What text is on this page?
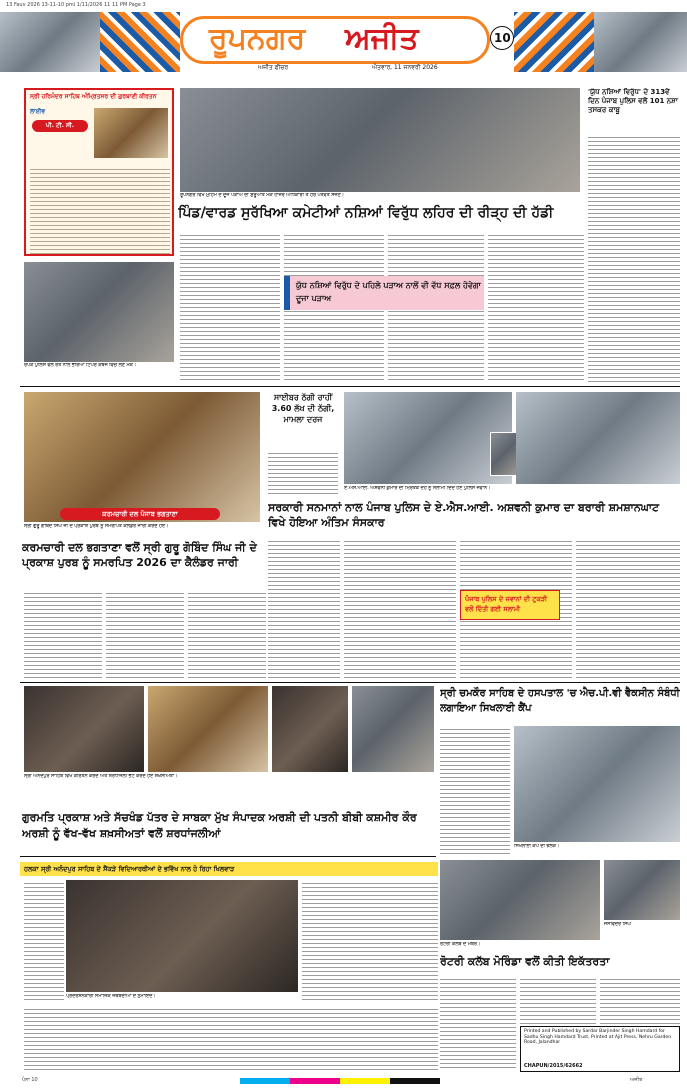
13 Fauv 2026 13-11-10 pmi 1/11/2026 11 11 PM Page 3
ਰੂਪਨਗਰ ਅਜੀਤ
ਅਜੀਤ ਫੀਚਰ	ਐਤਵਾਰ, 11 ਜਨਵਰੀ 2026
10
ਸ੍ਰੀ ਹਰਿਮੰਦਰ ਸਾਹਿਬ ਅੰਮ੍ਰਿਤਸਰ ਦੀ ਗੁਰਬਾਣੀ ਕੀਰਤਨ
ਲਾਈਵ
ਪੀ. ਟੀ. ਸੀ.
ਰੂਪਨਗਰ ਵਿਖੇ ਮੁਹਿੰਮ ਦੇ ਦੂਜੇ ਪੜਾਅ ਦੀ ਸ਼ੁਰੂਆਤ ਮੌਕੇ ਹਾਜ਼ਰ ਅਧਿਕਾਰੀ ਤੇ ਹੋਰ ਪਤਵੰਤੇ ਸੱਜਣ।
ਪਿੰਡ/ਵਾਰਡ ਸੁਰੱਖਿਆ ਕਮੇਟੀਆਂ ਨਸ਼ਿਆਂ ਵਿਰੁੱਧ ਲਹਿਰ ਦੀ ਰੀੜ੍ਹ ਦੀ ਹੱਡੀ
'ਯੁੱਧ ਨਸ਼ਿਆਂ ਵਿਰੁੱਧ' ਦੇ 313ਵੇਂ ਦਿਨ ਪੰਜਾਬ ਪੁਲਿਸ ਵਲੋਂ 101 ਨਸ਼ਾ ਤਸਕਰ ਕਾਬੂ
ਯੁੱਧ ਨਸ਼ਿਆਂ ਵਿਰੁੱਧ ਦੇ ਪਹਿਲੇ ਪੜਾਅ ਨਾਲੋਂ ਵੀ ਵੱਧ ਸਫ਼ਲ ਹੋਵੇਗਾ ਦੂਜਾ ਪੜਾਅ
ਰੋਪੜ ਪੁਲਿਸ ਵਲੋਂ ਰੇਤ ਨਾਲ ਭਰਿਆ ਟਿੱਪਰ ਕਬਜ਼ੇ ਵਿਚ ਲੈਣ ਮੌਕੇ।
ਕਰਮਚਾਰੀ ਦਲ ਪੰਜਾਬ ਭਗਤਾਣਾ
ਸ੍ਰੀ ਗੁਰੂ ਗੋਬਿੰਦ ਸਿੰਘ ਜੀ ਦੇ ਪ੍ਰਕਾਸ਼ ਪੁਰਬ ਨੂੰ ਸਮਰਪਿਤ ਕੈਲੰਡਰ ਜਾਰੀ ਕਰਦੇ ਹੋਏ।
ਕਰਮਚਾਰੀ ਦਲ ਭਗਤਾਣਾ ਵਲੋਂ ਸ੍ਰੀ ਗੁਰੂ ਗੋਬਿੰਦ ਸਿੰਘ ਜੀ ਦੇ ਪ੍ਰਕਾਸ਼ ਪੁਰਬ ਨੂੰ ਸਮਰਪਿਤ 2026 ਦਾ ਕੈਲੰਡਰ ਜਾਰੀ
ਸਾਈਬਰ ਠੱਗੀ ਰਾਹੀਂ 3.60 ਲੱਖ ਦੀ ਠੱਗੀ, ਮਾਮਲਾ ਦਰਜ
ਏ.ਐਸ.ਆਈ. ਅਸ਼ਵਨੀ ਕੁਮਾਰ ਦੀ ਮ੍ਰਿਤਕ ਦੇਹ ਨੂੰ ਸਲਾਮੀ ਦਿੰਦੇ ਹੋਏ ਪੁਲਿਸ ਜਵਾਨ।
ਸਰਕਾਰੀ ਸਨਮਾਨਾਂ ਨਾਲ ਪੰਜਾਬ ਪੁਲਿਸ ਦੇ ਏ.ਐਸ.ਆਈ. ਅਸ਼ਵਨੀ ਕੁਮਾਰ ਦਾ ਬਰਾਰੀ ਸ਼ਮਸ਼ਾਨਘਾਟ ਵਿਖੇ ਹੋਇਆ ਅੰਤਿਮ ਸੰਸਕਾਰ
ਪੰਜਾਬ ਪੁਲਿਸ ਦੇ ਜਵਾਨਾਂ ਦੀ ਟੁਕੜੀ ਵਲੋਂ ਦਿੱਤੀ ਗਈ ਸਲਾਮੀ
ਸ੍ਰੀ ਅਨੰਦਪੁਰ ਸਾਹਿਬ ਵਿਖੇ ਕੀਰਤਨ ਕਰਦੇ ਅਤੇ ਸ਼ਰਧਾਂਜਲੀ ਭੇਟ ਕਰਦੇ ਹੋਏ ਸ਼ਖ਼ਸੀਅਤਾਂ।
ਗੁਰਮਤਿ ਪ੍ਰਕਾਸ਼ ਅਤੇ ਸੱਚਖੰਡ ਪੱਤਰ ਦੇ ਸਾਬਕਾ ਮੁੱਖ ਸੰਪਾਦਕ ਅਰਸ਼ੀ ਦੀ ਪਤਨੀ ਬੀਬੀ ਕਸ਼ਮੀਰ ਕੌਰ ਅਰਸ਼ੀ ਨੂੰ ਵੱਖ-ਵੱਖ ਸ਼ਖ਼ਸੀਅਤਾਂ ਵਲੋਂ ਸ਼ਰਧਾਂਜਲੀਆਂ
ਸ੍ਰੀ ਚਮਕੌਰ ਸਾਹਿਬ ਦੇ ਹਸਪਤਾਲ 'ਚ ਐਚ.ਪੀ.ਵੀ ਵੈਕਸੀਨ ਸੰਬੰਧੀ ਲਗਾਇਆ ਸਿਖਲਾਈ ਕੈਂਪ
ਸਿਖਲਾਈ ਕੈਂਪ ਦੀ ਝਲਕ।
ਹਲਕਾ ਸ੍ਰੀ ਅਨੰਦਪੁਰ ਸਾਹਿਬ ਦੇ ਸੈਂਕੜੇ ਵਿਦਿਆਰਥੀਆਂ ਦੇ ਭਵਿੱਖ ਨਾਲ ਹੋ ਰਿਹਾ ਖਿਲਵਾੜ
ਪ੍ਰਦਰਸ਼ਨਕਾਰੀ ਸਮਾਜਿਕ ਜਥੇਬੰਦੀਆਂ ਦੇ ਨੁਮਾਇੰਦੇ।
ਰੋਟਰੀ ਕਲੱਬ ਦੇ ਮੈਂਬਰ।
ਜਸਵਿੰਦਰ ਸਿੰਘ
ਰੋਟਰੀ ਕਲੱਬ ਮੋਰਿੰਡਾ ਵਲੋਂ ਕੀਤੀ ਇਕੱਤਰਤਾ
Printed and Published by Sardar Barjinder Singh Hamdard for Sadhu Singh Hamdard Trust, Printed at Ajit Press, Nehru Garden Road, Jalandhar
CHAPUN/2015/62662
ਪੰਨਾ 10	ਅਜੀਤ
